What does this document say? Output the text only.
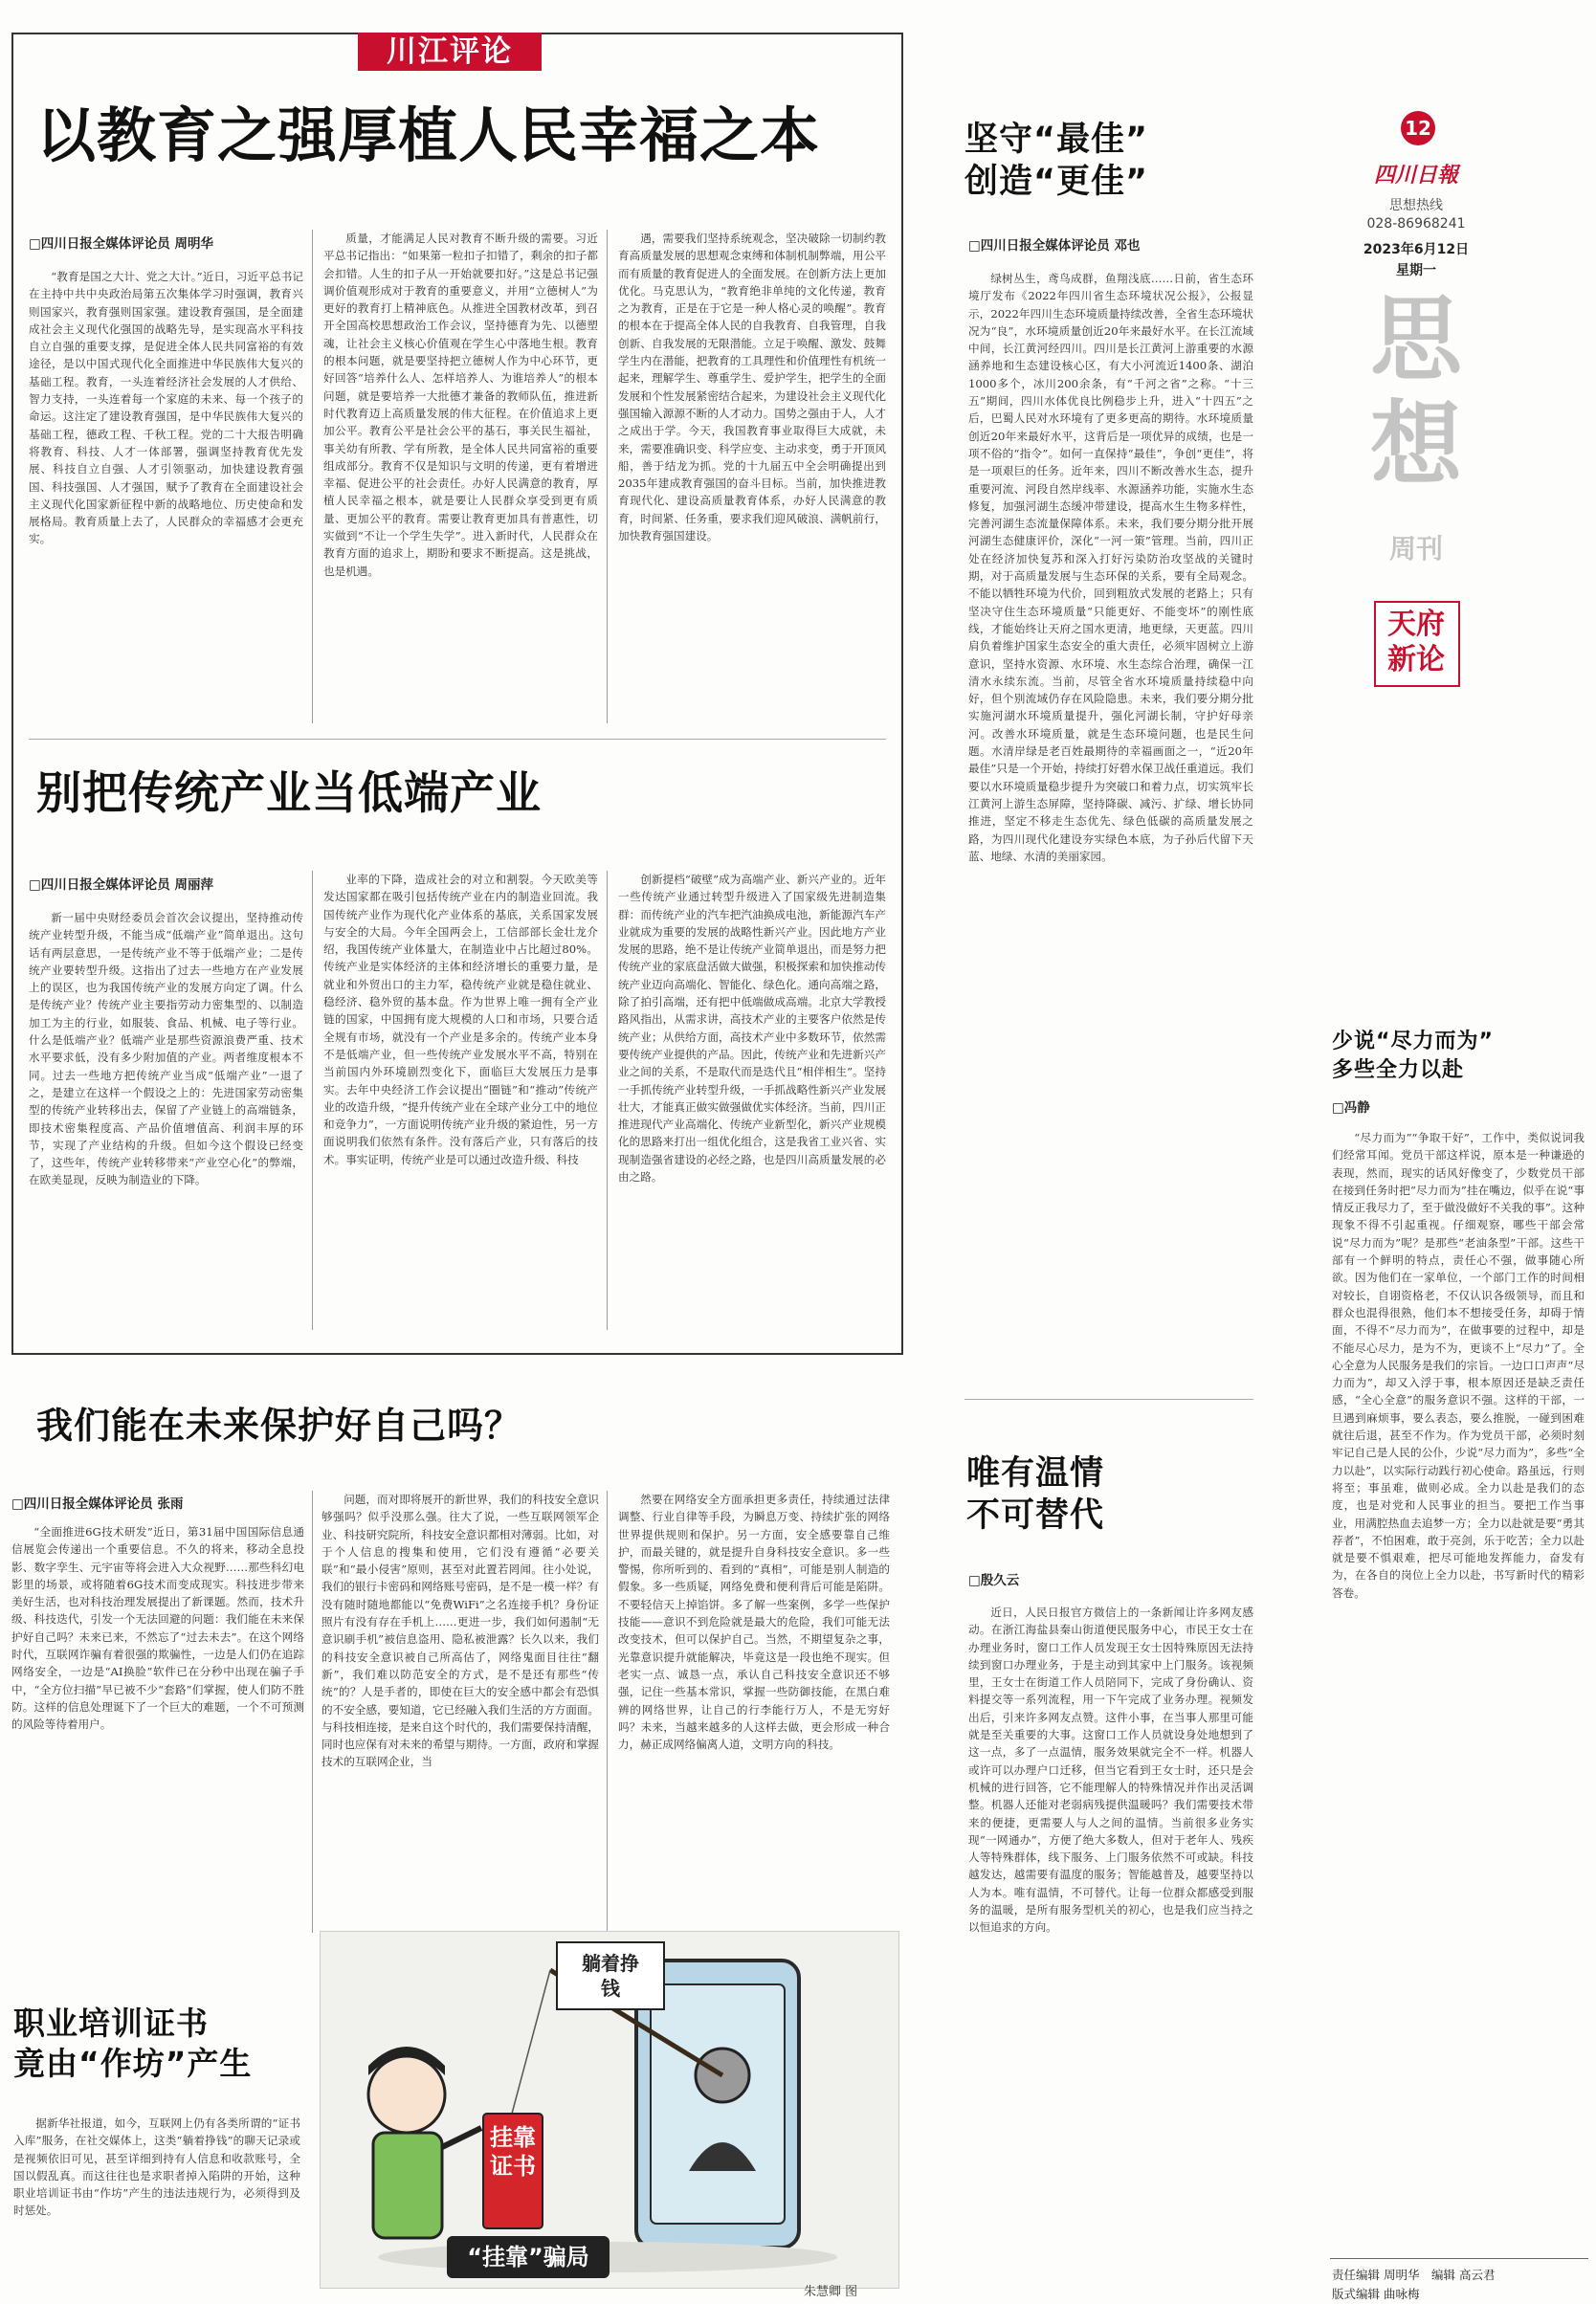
川江评论
以教育之强厚植人民幸福之本
□四川日报全媒体评论员 周明华

“教育是国之大计、党之大计。”近日，习近平总书记在主持中共中央政治局第五次集体学习时强调，教育兴则国家兴，教育强则国家强。建设教育强国，是全面建成社会主义现代化强国的战略先导，是实现高水平科技自立自强的重要支撑，是促进全体人民共同富裕的有效途径，是以中国式现代化全面推进中华民族伟大复兴的基础工程。教育，一头连着经济社会发展的人才供给、智力支持，一头连着每一个家庭的未来、每一个孩子的命运。这注定了建设教育强国，是中华民族伟大复兴的基础工程，德政工程、千秋工程。党的二十大报告明确将教育、科技、人才一体部署，强调坚持教育优先发展、科技自立自强、人才引领驱动，加快建设教育强国、科技强国、人才强国，赋予了教育在全面建设社会主义现代化国家新征程中新的战略地位、历史使命和发展格局。教育质量上去了，人民群众的幸福感才会更充实。

质量，才能满足人民对教育不断升级的需要。习近平总书记指出：“如果第一粒扣子扣错了，剩余的扣子都会扣错。人生的扣子从一开始就要扣好。”这是总书记强调价值观形成对于教育的重要意义，并用“立德树人”为更好的教育打上精神底色。从推进全国教材改革，到召开全国高校思想政治工作会议，坚持德育为先、以德塑魂，让社会主义核心价值观在学生心中落地生根。教育的根本问题，就是要坚持把立德树人作为中心环节，更好回答“培养什么人、怎样培养人、为谁培养人”的根本问题，就是要培养一大批德才兼备的教师队伍，推进新时代教育迈上高质量发展的伟大征程。在价值追求上更加公平。教育公平是社会公平的基石，事关民生福祉，事关幼有所教、学有所教，是全体人民共同富裕的重要组成部分。教育不仅是知识与文明的传递，更有着增进幸福、促进公平的社会责任。办好人民满意的教育，厚植人民幸福之根本，就是要让人民群众享受到更有质量、更加公平的教育。需要让教育更加具有普惠性，切实做到“不让一个学生失学”。进入新时代，人民群众在教育方面的追求上，期盼和要求不断提高。这是挑战，也是机遇。

遇，需要我们坚持系统观念，坚决破除一切制约教育高质量发展的思想观念束缚和体制机制弊端，用公平而有质量的教育促进人的全面发展。在创新方法上更加优化。马克思认为，“教育绝非单纯的文化传递，教育之为教育，正是在于它是一种人格心灵的唤醒”。教育的根本在于提高全体人民的自我教育、自我管理，自我创新、自我发展的无限潜能。立足于唤醒、激发、鼓舞学生内在潜能，把教育的工具理性和价值理性有机统一起来，理解学生、尊重学生、爱护学生，把学生的全面发展和个性发展紧密结合起来，为建设社会主义现代化强国输入源源不断的人才动力。国势之强由于人，人才之成出于学。今天，我国教育事业取得巨大成就，未来，需要准确识变、科学应变、主动求变，勇于开顶风船，善于结龙为抓。党的十九届五中全会明确提出到2035年建成教育强国的奋斗目标。当前，加快推进教育现代化、建设高质量教育体系，办好人民满意的教育，时间紧、任务重，要求我们迎风破浪、满帆前行，加快教育强国建设。

别把传统产业当低端产业
□四川日报全媒体评论员 周丽萍

新一届中央财经委员会首次会议提出，坚持推动传统产业转型升级，不能当成“低端产业”简单退出。这句话有两层意思，一是传统产业不等于低端产业；二是传统产业要转型升级。这指出了过去一些地方在产业发展上的误区，也为我国传统产业的发展方向定了调。什么是传统产业？传统产业主要指劳动力密集型的、以制造加工为主的行业，如服装、食品、机械、电子等行业。什么是低端产业？低端产业是那些资源浪费严重、技术水平要求低，没有多少附加值的产业。两者维度根本不同。过去一些地方把传统产业当成“低端产业”一退了之，是建立在这样一个假设之上的：先进国家劳动密集型的传统产业转移出去，保留了产业链上的高端链条，即技术密集程度高、产品价值增值高、利润丰厚的环节，实现了产业结构的升级。但如今这个假设已经变了，这些年，传统产业转移带来“产业空心化”的弊端，在欧美显现，反映为制造业的下降。

业率的下降，造成社会的对立和割裂。今天欧美等发达国家都在吸引包括传统产业在内的制造业回流。我国传统产业作为现代化产业体系的基底，关系国家发展与安全的大局。今年全国两会上，工信部部长金壮龙介绍，我国传统产业体量大，在制造业中占比超过80%。传统产业是实体经济的主体和经济增长的重要力量，是就业和外贸出口的主力军，稳传统产业就是稳住就业、稳经济、稳外贸的基本盘。作为世界上唯一拥有全产业链的国家，中国拥有庞大规模的人口和市场，只要合适全规有市场，就没有一个产业是多余的。传统产业本身不是低端产业，但一些传统产业发展水平不高，特别在当前国内外环境剧烈变化下，面临巨大发展压力是事实。去年中央经济工作会议提出“圈链”和“推动”传统产业的改造升级，“提升传统产业在全球产业分工中的地位和竞争力”，一方面说明传统产业升级的紧迫性，另一方面说明我们依然有条件。没有落后产业，只有落后的技术。事实证明，传统产业是可以通过改造升级、科技

创新提档“破壁”成为高端产业、新兴产业的。近年一些传统产业通过转型升级进入了国家级先进制造集群：而传统产业的汽车把汽油换成电池，新能源汽车产业就成为重要的发展的战略性新兴产业。因此地方产业发展的思路，绝不是让传统产业简单退出，而是努力把传统产业的家底盘活做大做强，积极探索和加快推动传统产业迈向高端化、智能化、绿色化。通向高端之路，除了拍引高端，还有把中低端做成高端。北京大学教授路风指出，从需求讲，高技术产业的主要客户依然是传统产业；从供给方面，高技术产业中多数环节，依然需要传统产业提供的产品。因此，传统产业和先进新兴产业之间的关系，不是取代而是迭代且“相伴相生”。坚持一手抓传统产业转型升级，一手抓战略性新兴产业发展壮大，才能真正做实做强做优实体经济。当前，四川正推进现代产业高端化、传统产业新型化，新兴产业规模化的思路来打出一组优化组合，这是我省工业兴省、实现制造强省建设的必经之路，也是四川高质量发展的必由之路。

我们能在未来保护好自己吗？
□四川日报全媒体评论员 张雨

“全面推进6G技术研发”近日，第31届中国国际信息通信展览会传递出一个重要信息。不久的将来，移动全息投影、数字孪生、元宇宙等将会进入大众视野……那些科幻电影里的场景，或将随着6G技术而变成现实。科技进步带来美好生活，也对科技治理发展提出了新课题。然而，技术升级、科技迭代，引发一个无法回避的问题：我们能在未来保护好自己吗？未来已来，不然忘了“过去未去”。在这个网络时代，互联网诈骗有着很强的欺骗性，一边是人们仍在追踪网络安全，一边是“AI换脸”软件已在分秒中出现在骗子手中，“全方位扫描”早已被不少“套路”们掌握，使人们防不胜防。这样的信息处理诞下了一个巨大的难题，一个不可预测的风险等待着用户。

问题，而对即将展开的新世界，我们的科技安全意识够强吗？似乎没那么强。往大了说，一些互联网领军企业、科技研究院所，科技安全意识都相对薄弱。比如，对于个人信息的搜集和使用，它们没有遵循“必要关联”和“最小侵害”原则，甚至对此置若罔闻。往小处说，我们的银行卡密码和网络账号密码，是不是一模一样？有没有随时随地都能以“免费WiFi”之名连接手机？身份证照片有没有存在手机上……更进一步，我们如何遏制“无意识刷手机”被信息盗用、隐私被泄露？长久以来，我们的科技安全意识被自己所高估了，网络鬼面目往往“翻新”，我们难以防范安全的方式，是不是还有那些“传统”的？人是手者的，即使在巨大的安全感中都会有恐惧的不安全感，要知道，它已经融入我们生活的方方面面。与科技相连接，是来自这个时代的，我们需要保持清醒，同时也应保有对未来的希望与期待。一方面，政府和掌握技术的互联网企业，当

然要在网络安全方面承担更多责任，持续通过法律调整、行业自律等手段，为瞬息万变、持续扩张的网络世界提供规则和保护。另一方面，安全感要靠自己维护，而最关键的，就是提升自身科技安全意识。多一些警惕，你所听到的、看到的“真相”，可能是别人制造的假象。多一些质疑，网络免费和便利背后可能是陷阱。不要轻信天上掉馅饼。多了解一些案例，多学一些保护技能——意识不到危险就是最大的危险，我们可能无法改变技术，但可以保护自己。当然，不期望复杂之事，光靠意识提升就能解决，毕竟这是一段也绝不现实。但老实一点、诚恳一点，承认自己科技安全意识还不够强，记住一些基本常识，掌握一些防御技能，在黑白难辨的网络世界，让自己的行李能行万人，不是无穷好吗？未来，当越来越多的人这样去做，更会形成一种合力，赫正成网络偏离人道，文明方向的科技。

职业培训证书
竟由“作坊”产生

据新华社报道，如今，互联网上仍有各类所谓的“证书入库”服务，在社交媒体上，这类“躺着挣钱”的聊天记录或是视频依旧可见，甚至详细到持有人信息和收款账号，全国以假乱真。而这往往也是求职者掉入陷阱的开始，这种职业培训证书由“作坊”产生的违法违规行为，必须得到及时惩处。

躺着挣钱
挂靠证书
“挂靠”骗局
朱慧卿 图
坚守“最佳”
创造“更佳”
□四川日报全媒体评论员 邓也

绿树丛生，鸢鸟成群，鱼翔浅底……日前，省生态环境厅发布《2022年四川省生态环境状况公报》，公报显示，2022年四川生态环境质量持续改善，全省生态环境状况为“良”，水环境质量创近20年来最好水平。在长江流域中间，长江黄河经四川。四川是长江黄河上游重要的水源涵养地和生态建设核心区，有大小河流近1400条、湖泊1000多个，冰川200余条，有“千河之省”之称。“十三五”期间，四川水体优良比例稳步上升，进入“十四五”之后，巴蜀人民对水环境有了更多更高的期待。水环境质量创近20年来最好水平，这背后是一项优异的成绩，也是一项不俗的“指令”。如何一直保持“最佳”，争创“更佳”，将是一项艰巨的任务。近年来，四川不断改善水生态，提升重要河流、河段自然岸线率、水源涵养功能，实施水生态修复，加强河湖生态缓冲带建设，提高水生生物多样性，完善河湖生态流量保障体系。未来，我们要分期分批开展河湖生态健康评价，深化“一河一策”管理。当前，四川正处在经济加快复苏和深入打好污染防治攻坚战的关键时期，对于高质量发展与生态环保的关系，要有全局观念。不能以牺牲环境为代价，回到粗放式发展的老路上；只有坚决守住生态环境质量“只能更好、不能变坏”的刚性底线，才能始终让天府之国水更清，地更绿，天更蓝。四川肩负着维护国家生态安全的重大责任，必须牢固树立上游意识，坚持水资源、水环境、水生态综合治理，确保一江清水永续东流。当前，尽管全省水环境质量持续稳中向好，但个别流域仍存在风险隐患。未来，我们要分期分批实施河湖水环境质量提升，强化河湖长制，守护好母亲河。改善水环境质量，就是生态环境问题，也是民生问题。水清岸绿是老百姓最期待的幸福画面之一，“近20年最佳”只是一个开始，持续打好碧水保卫战任重道远。我们要以水环境质量稳步提升为突破口和着力点，切实筑牢长江黄河上游生态屏障，坚持降碳、减污、扩绿、增长协同推进，坚定不移走生态优先、绿色低碳的高质量发展之路，为四川现代化建设夯实绿色本底，为子孙后代留下天蓝、地绿、水清的美丽家园。

唯有温情
不可替代
□殷久云

近日，人民日报官方微信上的一条新闻让许多网友感动。在浙江海盐县秦山街道便民服务中心，市民王女士在办理业务时，窗口工作人员发现王女士因特殊原因无法持续到窗口办理业务，于是主动到其家中上门服务。该视频里，王女士在街道工作人员陪同下，完成了身份确认、资料提交等一系列流程，用一下午完成了业务办理。视频发出后，引来许多网友点赞。这件小事，在当事人那里可能就是至关重要的大事。这窗口工作人员就设身处地想到了这一点，多了一点温情，服务效果就完全不一样。机器人或许可以办理户口迁移，但当它看到王女士时，还只是会机械的进行回答，它不能理解人的特殊情况并作出灵活调整。机器人还能对老弱病残提供温暖吗？我们需要技术带来的便捷，更需要人与人之间的温情。当前很多业务实现“一网通办”，方便了绝大多数人，但对于老年人、残疾人等特殊群体，线下服务、上门服务依然不可或缺。科技越发达，越需要有温度的服务；智能越普及，越要坚持以人为本。唯有温情，不可替代。让每一位群众都感受到服务的温暖，是所有服务型机关的初心，也是我们应当持之以恒追求的方向。

12
四川日報
思想热线
028-86968241
2023年6月12日
星期一
思
想
周刊
天府新论
少说“尽力而为”
多些全力以赴
□冯静

“尽力而为”“争取干好”，工作中，类似说词我们经常耳闻。党员干部这样说，原本是一种谦逊的表现，然而，现实的话风好像变了，少数党员干部在接到任务时把“尽力而为”挂在嘴边，似乎在说“事情反正我尽力了，至于做没做好不关我的事”。这种现象不得不引起重视。仔细观察，哪些干部会常说“尽力而为”呢？是那些“老油条型”干部。这些干部有一个鲜明的特点，责任心不强，做事随心所欲。因为他们在一家单位，一个部门工作的时间相对较长，自诩资格老，不仅认识各级领导，而且和群众也混得很熟，他们本不想接受任务，却碍于情面，不得不“尽力而为”，在做事要的过程中，却是不能尽心尽力，是为不为，更谈不上“尽力”了。全心全意为人民服务是我们的宗旨。一边口口声声“尽力而为”，却又入浮于事，根本原因还是缺乏责任感，“全心全意”的服务意识不强。这样的干部，一旦遇到麻烦事，要么表态，要么推脱，一碰到困难就往后退，甚至不作为。作为党员干部，必须时刻牢记自己是人民的公仆，少说“尽力而为”，多些“全力以赴”，以实际行动践行初心使命。路虽远，行则将至；事虽难，做则必成。全力以赴是我们的态度，也是对党和人民事业的担当。要把工作当事业，用满腔热血去追梦一方；全力以赴就是要“勇其荐者”，不怕困难，敢于亮剑，乐于吃苦；全力以赴就是要不惧艰难，把尽可能地发挥能力，奋发有为，在各自的岗位上全力以赴，书写新时代的精彩答卷。

责任编辑 周明华　编辑 高云君
版式编辑 曲咏梅
